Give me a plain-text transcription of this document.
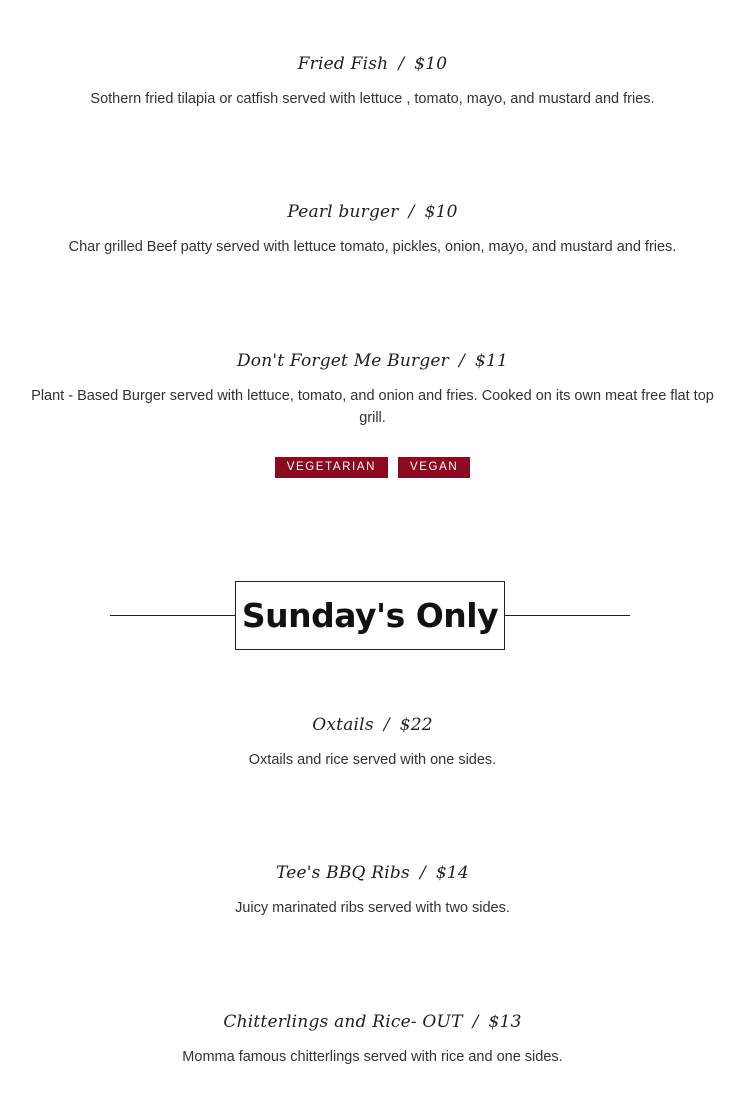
Fried Fish / $10
Sothern fried tilapia or catfish served with lettuce , tomato, mayo, and mustard and fries.
Pearl burger / $10
Char grilled Beef patty served with lettuce tomato, pickles, onion, mayo, and mustard and fries.
Don't Forget Me Burger / $11
Plant - Based Burger served with lettuce, tomato, and onion and fries. Cooked on its own meat free flat top grill.
VEGETARIAN	VEGAN
Sunday's Only
Oxtails / $22
Oxtails and rice served with one sides.
Tee's BBQ Ribs / $14
Juicy marinated ribs served with two sides.
Chitterlings and Rice- OUT / $13
Momma famous chitterlings served with rice and one sides.
